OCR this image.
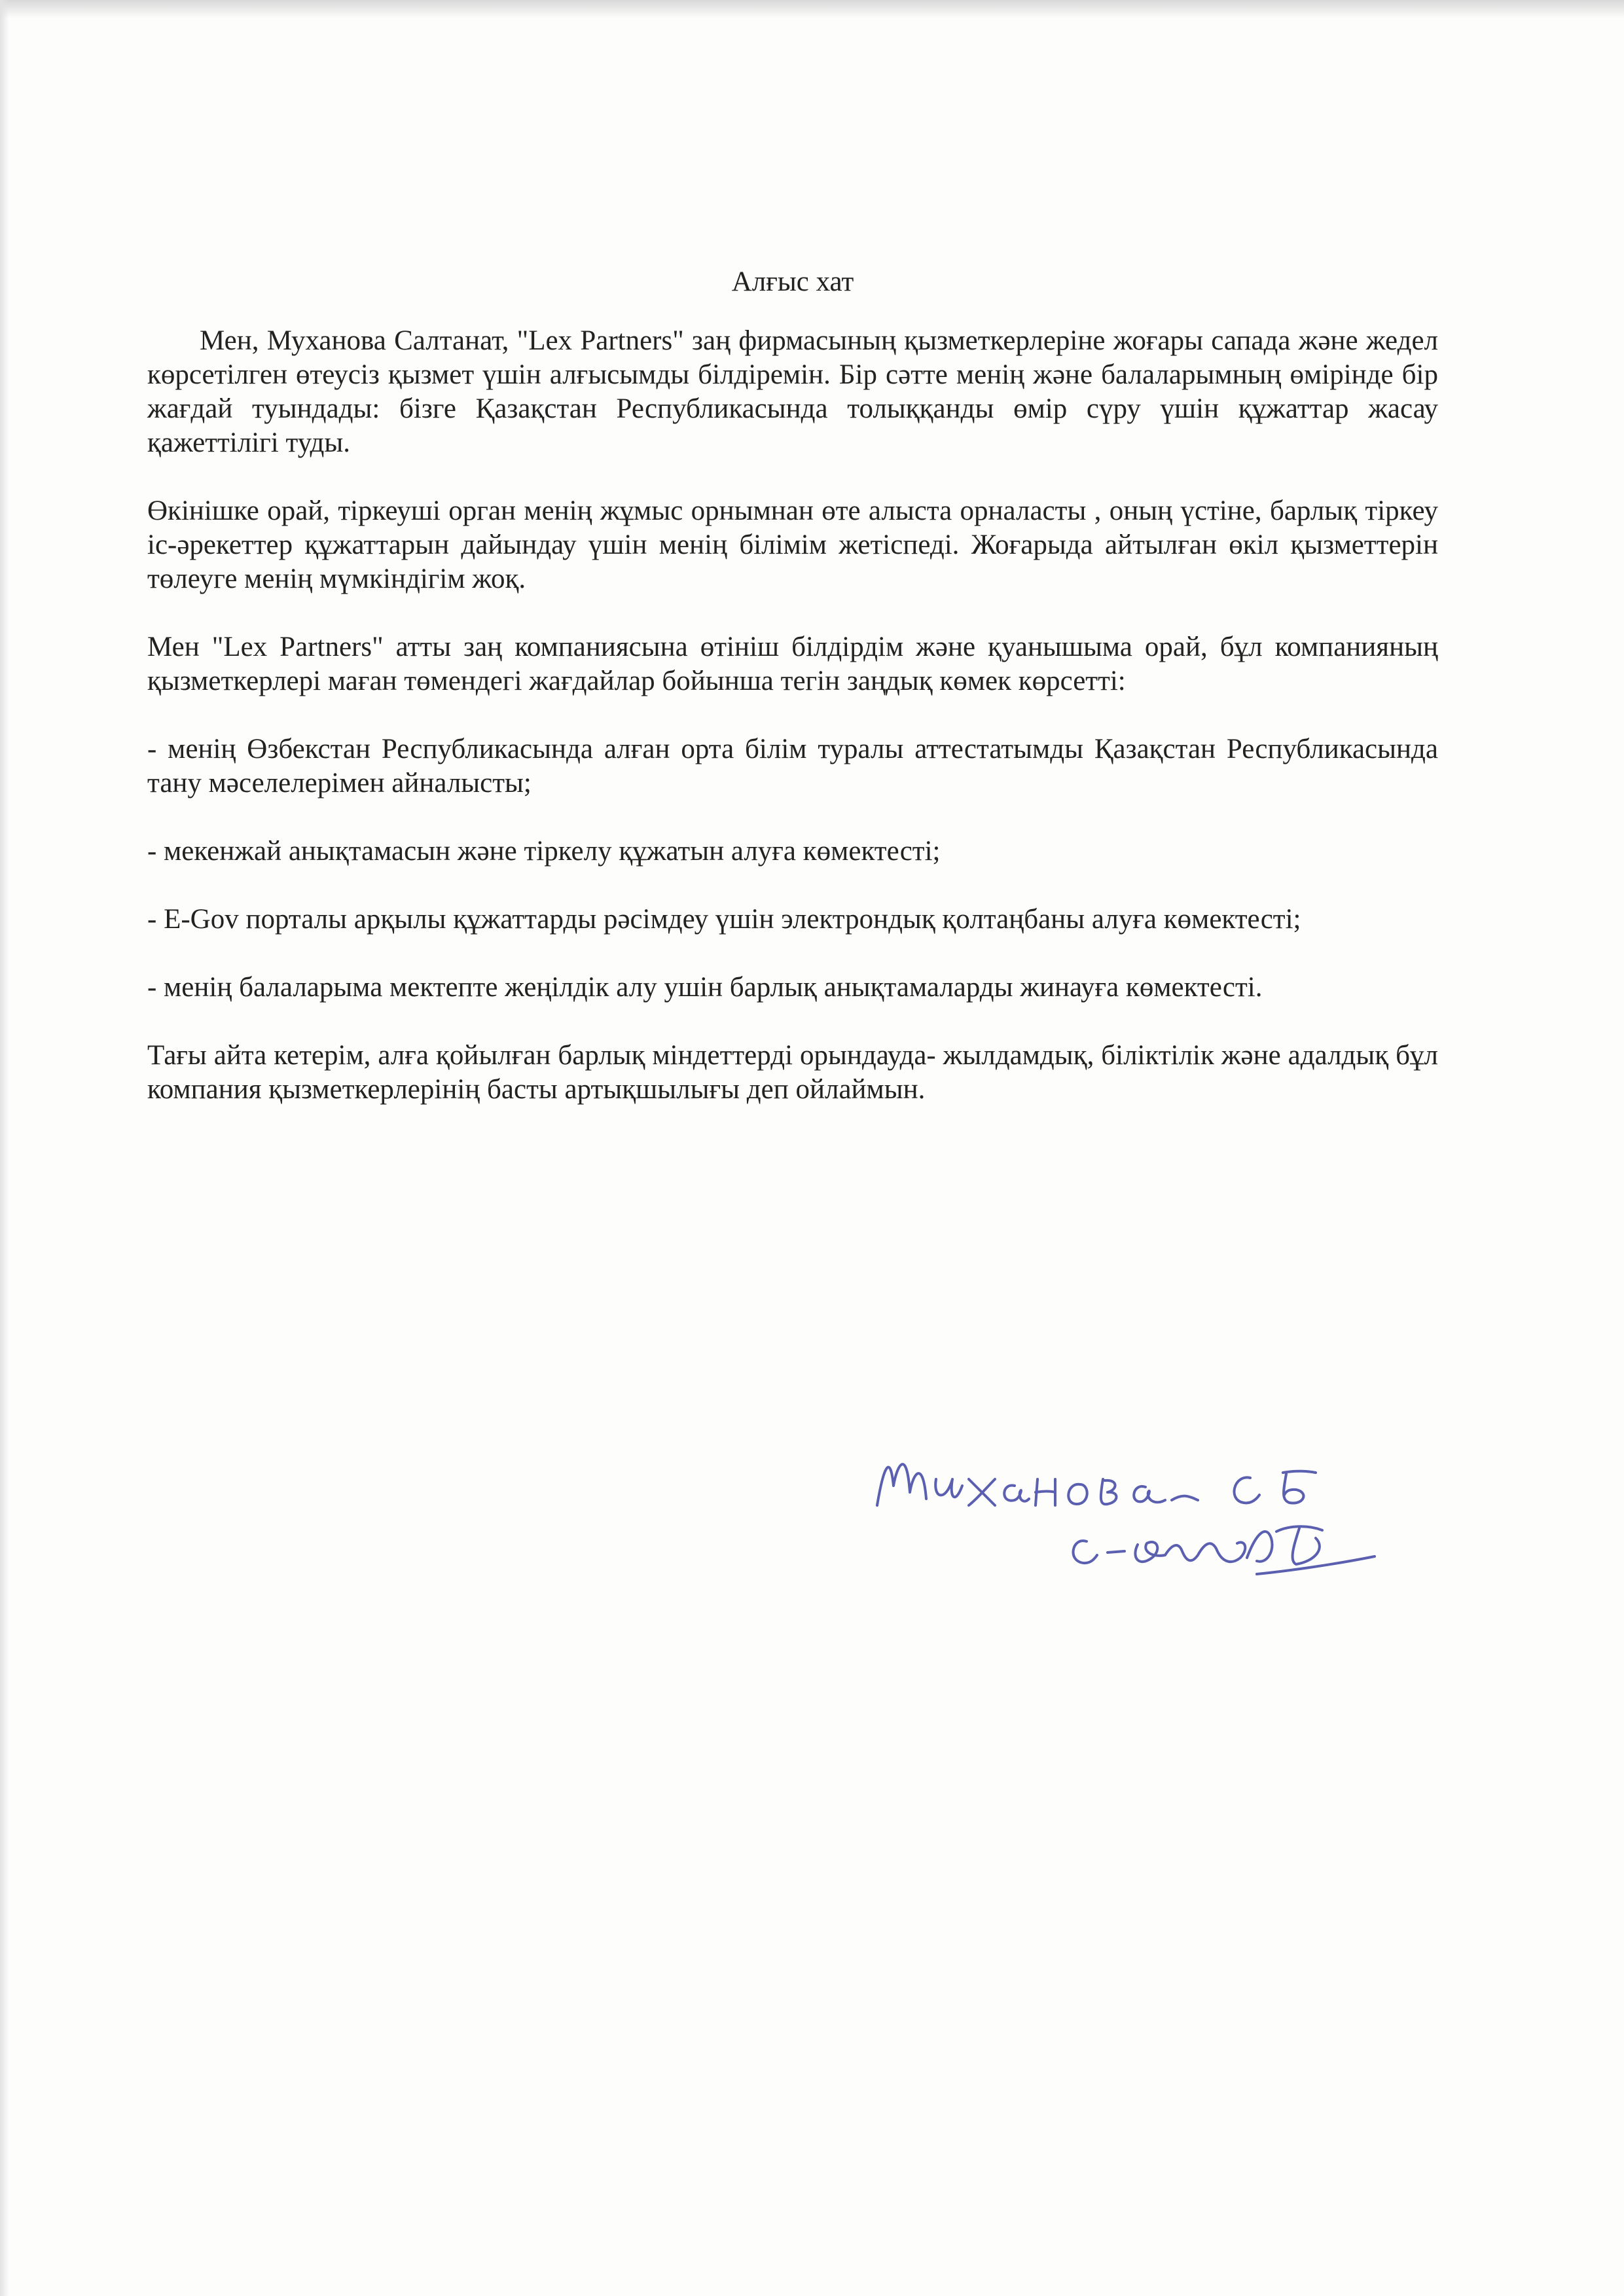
Алғыс хат

Мен, Муханова Салтанат, "Lex Partners" заң фирмасының қызметкерлеріне жоғары сапада және жедел көрсетілген өтеусіз қызмет үшін алғысымды білдіремін. Бір сәтте менің және балаларымның өмірінде бір жағдай туындады: бізге Қазақстан Республикасында толыққанды өмір сүру үшін құжаттар жасау қажеттілігі туды.

Өкінішке орай, тіркеуші орган менің жұмыс орнымнан өте алыста орналасты , оның үстіне, барлық тіркеу іс-әрекеттер құжаттарын дайындау үшін менің білімім жетіспеді. Жоғарыда айтылған өкіл қызметтерін төлеуге менің мүмкіндігім жоқ.

Мен "Lex Partners" атты заң компаниясына өтініш білдірдім және қуанышыма орай, бұл компанияның қызметкерлері маған төмендегі жағдайлар бойынша тегін заңдық көмек көрсетті:

- менің Өзбекстан Республикасында алған орта білім туралы аттестатымды Қазақстан Республикасында тану мәселелерімен айналысты;

- мекенжай анықтамасын және тіркелу құжатын алуға көмектесті;

- E-Gov порталы арқылы құжаттарды рәсімдеу үшін электрондық қолтаңбаны алуға көмектесті;

- менің балаларыма мектепте жеңілдік алу ушін барлық анықтамаларды жинауға көмектесті.

Тағы айта кетерім, алға қойылған барлық міндеттерді орындауда- жылдамдық, біліктілік және адалдық бұл компания қызметкерлерінің басты артықшылығы деп ойлаймын.
